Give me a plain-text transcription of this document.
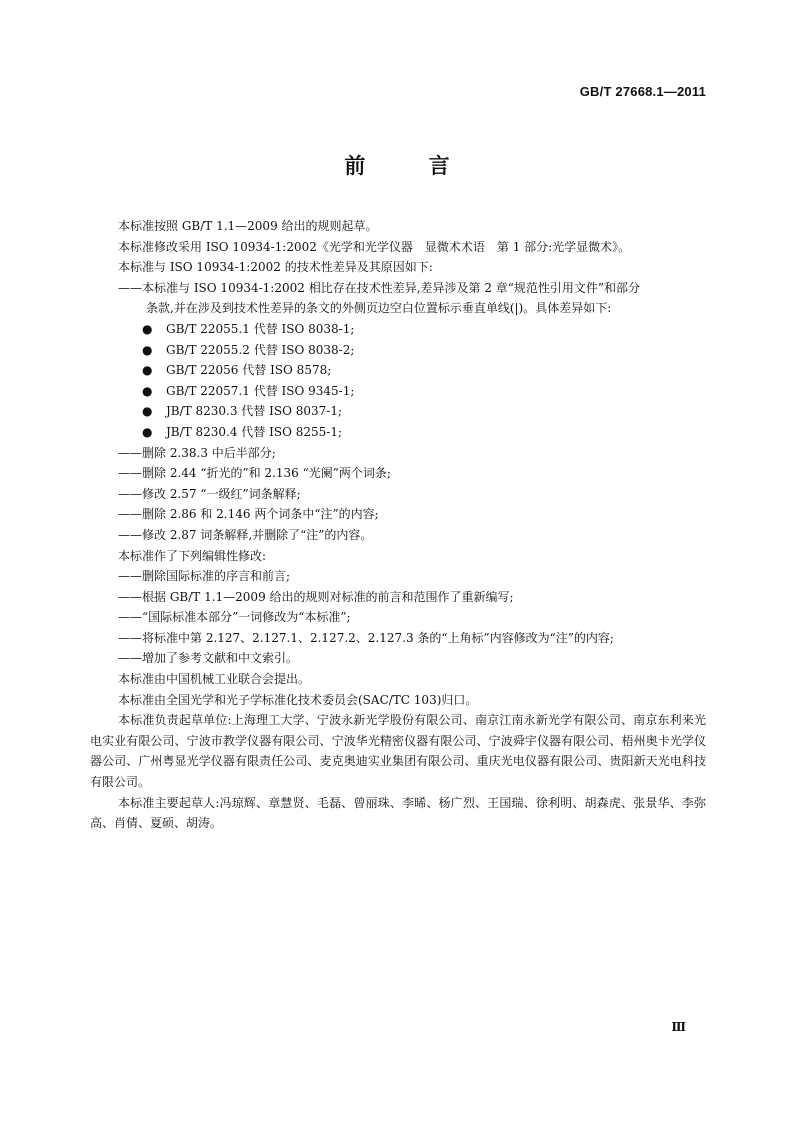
GB/T 27668.1—2011
前 言
本标准按照 GB/T 1.1—2009 给出的规则起草。
本标准修改采用 ISO 10934-1:2002《光学和光学仪器　显微术术语　第 1 部分:光学显微术》。
本标准与 ISO 10934-1:2002 的技术性差异及其原因如下:
——本标准与 ISO 10934-1:2002 相比存在技术性差异,差异涉及第 2 章“规范性引用文件”和部分
条款,并在涉及到技术性差异的条文的外侧页边空白位置标示垂直单线(|)。具体差异如下:
● GB/T 22055.1 代替 ISO 8038-1;
● GB/T 22055.2 代替 ISO 8038-2;
● GB/T 22056 代替 ISO 8578;
● GB/T 22057.1 代替 ISO 9345-1;
● JB/T 8230.3 代替 ISO 8037-1;
● JB/T 8230.4 代替 ISO 8255-1;
——删除 2.38.3 中后半部分;
——删除 2.44 “折光的”和 2.136 “光阑”两个词条;
——修改 2.57 “一级红”词条解释;
——删除 2.86 和 2.146 两个词条中“注”的内容;
——修改 2.87 词条解释,并删除了“注”的内容。
本标准作了下列编辑性修改:
——删除国际标准的序言和前言;
——根据 GB/T 1.1—2009 给出的规则对标准的前言和范围作了重新编写;
——“国际标准本部分”一词修改为“本标准”;
——将标准中第 2.127、2.127.1、2.127.2、2.127.3 条的“上角标”内容修改为“注”的内容;
——增加了参考文献和中文索引。
本标准由中国机械工业联合会提出。
本标准由全国光学和光子学标准化技术委员会(SAC/TC 103)归口。
本标准负责起草单位:上海理工大学、宁波永新光学股份有限公司、南京江南永新光学有限公司、南京东利来光电实业有限公司、宁波市教学仪器有限公司、宁波华光精密仪器有限公司、宁波舜宇仪器有限公司、梧州奥卡光学仪器公司、广州粤显光学仪器有限责任公司、麦克奥迪实业集团有限公司、重庆光电仪器有限公司、贵阳新天光电科技有限公司。
本标准主要起草人:冯琼辉、章慧贤、毛磊、曾丽珠、李晞、杨广烈、王国瑞、徐利明、胡森虎、张景华、李弥高、肖倩、夏硕、胡涛。
Ⅲ
